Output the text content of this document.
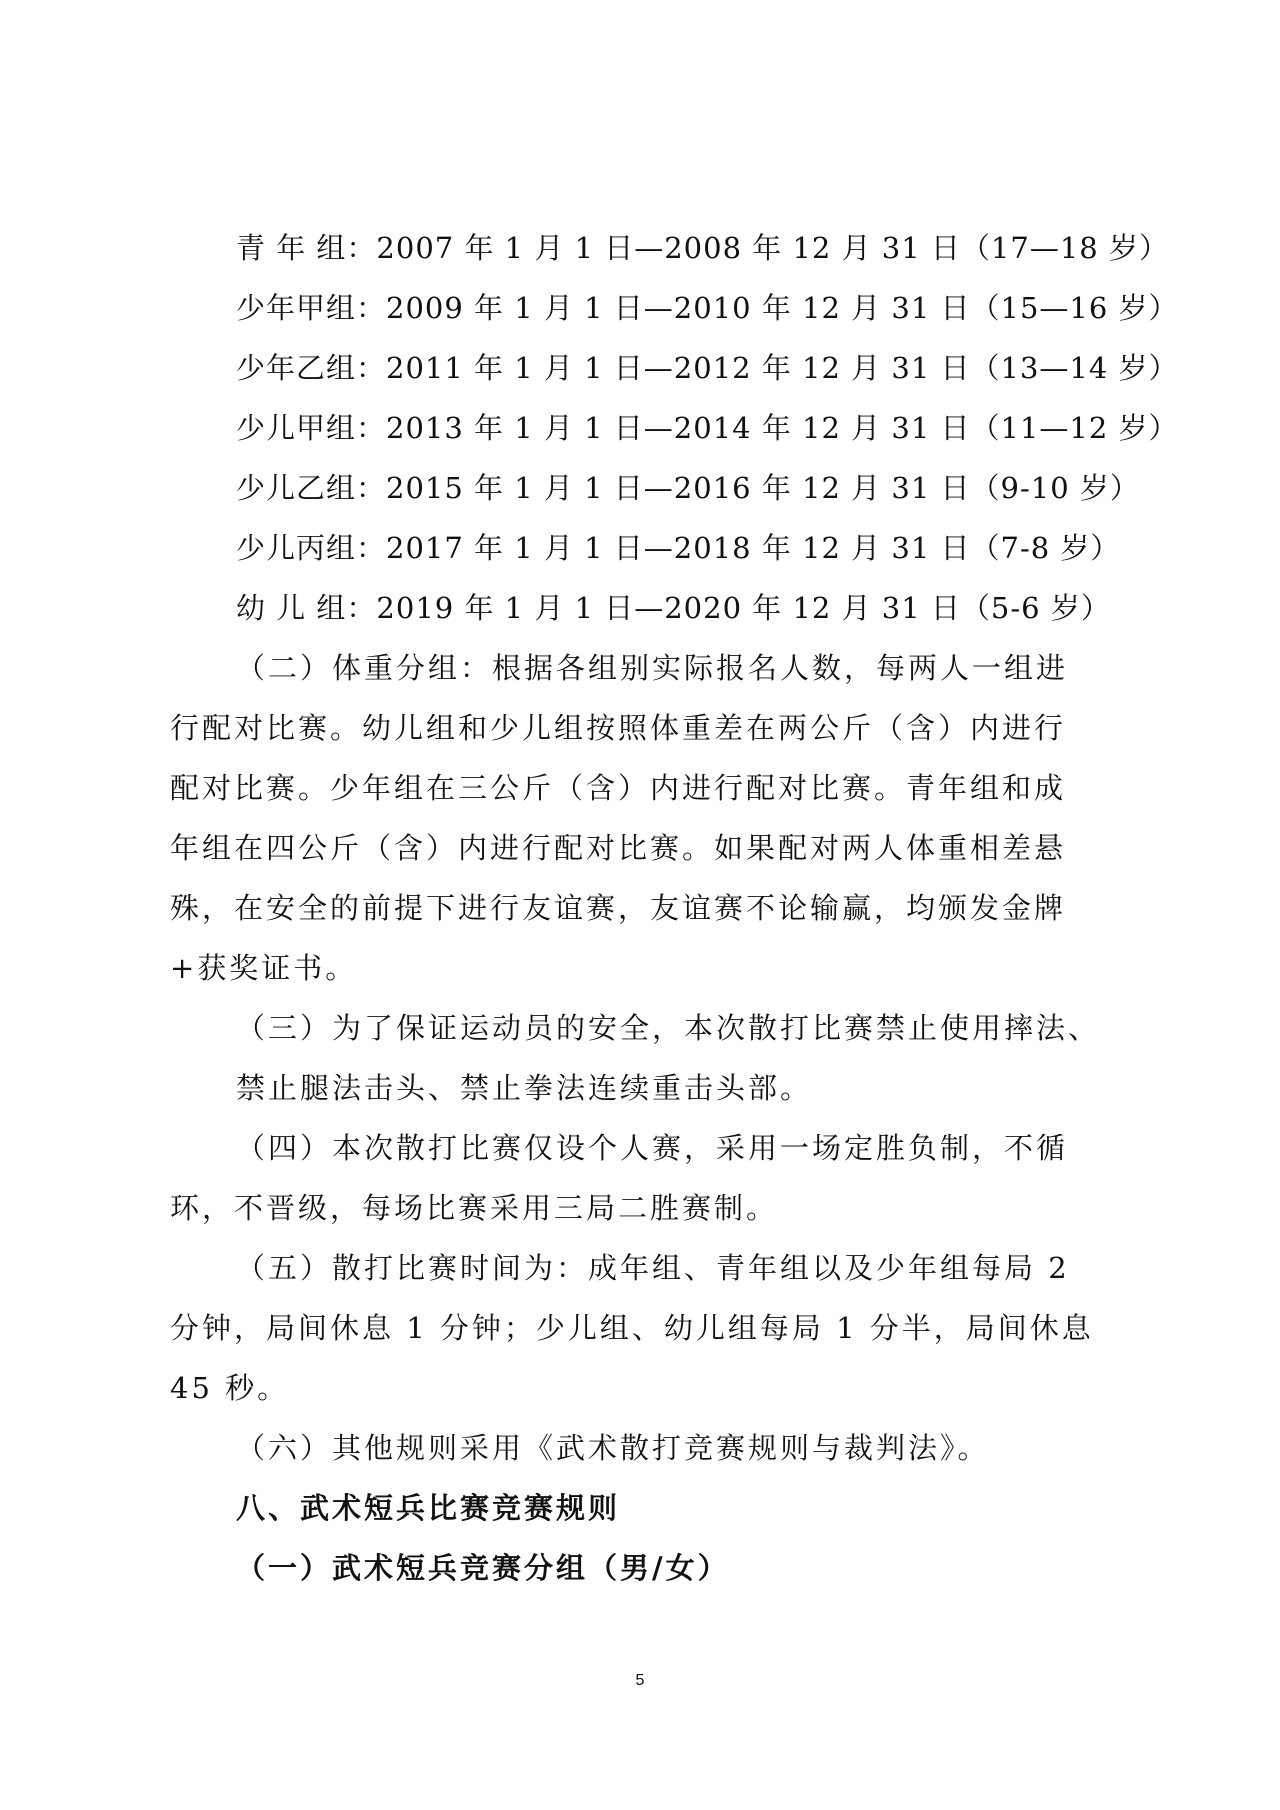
青 年 组：2007 年 1 月 1 日—2008 年 12 月 31 日（17—18 岁）
少年甲组：2009 年 1 月 1 日—2010 年 12 月 31 日（15—16 岁）
少年乙组：2011 年 1 月 1 日—2012 年 12 月 31 日（13—14 岁）
少儿甲组：2013 年 1 月 1 日—2014 年 12 月 31 日（11—12 岁）
少儿乙组：2015 年 1 月 1 日—2016 年 12 月 31 日（9-10 岁）
少儿丙组：2017 年 1 月 1 日—2018 年 12 月 31 日（7-8 岁）
幼 儿 组：2019 年 1 月 1 日—2020 年 12 月 31 日（5-6 岁）
（二）体重分组：根据各组别实际报名人数，每两人一组进
行配对比赛。幼儿组和少儿组按照体重差在两公斤（含）内进行
配对比赛。少年组在三公斤（含）内进行配对比赛。青年组和成
年组在四公斤（含）内进行配对比赛。如果配对两人体重相差悬
殊，在安全的前提下进行友谊赛，友谊赛不论输赢，均颁发金牌
+获奖证书。
（三）为了保证运动员的安全，本次散打比赛禁止使用摔法、
禁止腿法击头、禁止拳法连续重击头部。
（四）本次散打比赛仅设个人赛，采用一场定胜负制，不循
环，不晋级，每场比赛采用三局二胜赛制。
（五）散打比赛时间为：成年组、青年组以及少年组每局 2
分钟，局间休息 1 分钟；少儿组、幼儿组每局 1 分半，局间休息
45 秒。
（六）其他规则采用《武术散打竞赛规则与裁判法》。
八、武术短兵比赛竞赛规则
（一）武术短兵竞赛分组（男/女）
5
